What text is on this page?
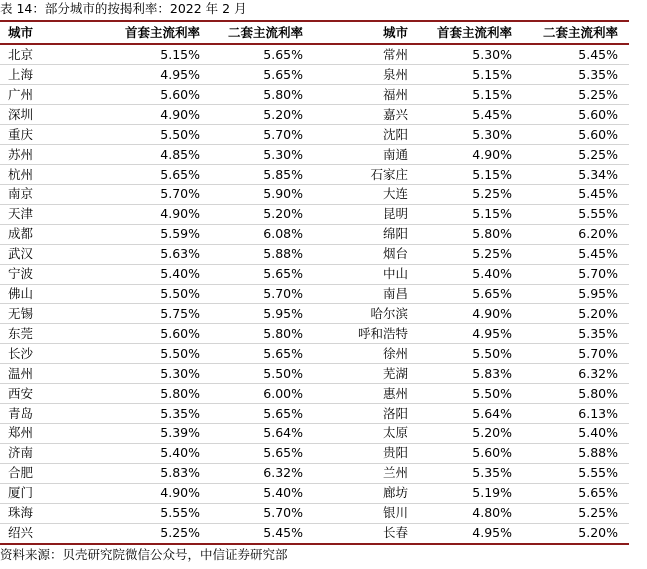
表 14：部分城市的按揭利率：2022 年 2 月
城市	首套主流利率	二套主流利率	城市	首套主流利率	二套主流利率
北京	5.15%	5.65%	常州	5.30%	5.45%
上海	4.95%	5.65%	泉州	5.15%	5.35%
广州	5.60%	5.80%	福州	5.15%	5.25%
深圳	4.90%	5.20%	嘉兴	5.45%	5.60%
重庆	5.50%	5.70%	沈阳	5.30%	5.60%
苏州	4.85%	5.30%	南通	4.90%	5.25%
杭州	5.65%	5.85%	石家庄	5.15%	5.34%
南京	5.70%	5.90%	大连	5.25%	5.45%
天津	4.90%	5.20%	昆明	5.15%	5.55%
成都	5.59%	6.08%	绵阳	5.80%	6.20%
武汉	5.63%	5.88%	烟台	5.25%	5.45%
宁波	5.40%	5.65%	中山	5.40%	5.70%
佛山	5.50%	5.70%	南昌	5.65%	5.95%
无锡	5.75%	5.95%	哈尔滨	4.90%	5.20%
东莞	5.60%	5.80%	呼和浩特	4.95%	5.35%
长沙	5.50%	5.65%	徐州	5.50%	5.70%
温州	5.30%	5.50%	芜湖	5.83%	6.32%
西安	5.80%	6.00%	惠州	5.50%	5.80%
青岛	5.35%	5.65%	洛阳	5.64%	6.13%
郑州	5.39%	5.64%	太原	5.20%	5.40%
济南	5.40%	5.65%	贵阳	5.60%	5.88%
合肥	5.83%	6.32%	兰州	5.35%	5.55%
厦门	4.90%	5.40%	廊坊	5.19%	5.65%
珠海	5.55%	5.70%	银川	4.80%	5.25%
绍兴	5.25%	5.45%	长春	4.95%	5.20%
资料来源：贝壳研究院微信公众号，中信证券研究部
